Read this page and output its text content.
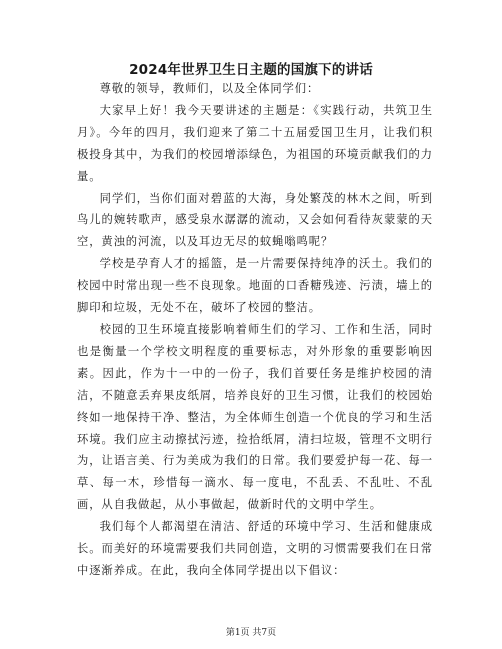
2024年世界卫生日主题的国旗下的讲话

尊敬的领导，教师们，以及全体同学们：

大家早上好！我今天要讲述的主题是：《实践行动，共筑卫生月》。今年的四月，我们迎来了第二十五届爱国卫生月，让我们积极投身其中，为我们的校园增添绿色，为祖国的环境贡献我们的力量。

同学们，当你们面对碧蓝的大海，身处繁茂的林木之间，听到鸟儿的婉转歌声，感受泉水潺潺的流动，又会如何看待灰蒙蒙的天空，黄浊的河流，以及耳边无尽的蚊蝇嗡鸣呢？

学校是孕育人才的摇篮，是一片需要保持纯净的沃土。我们的校园中时常出现一些不良现象。地面的口香糖残迹、污渍，墙上的脚印和垃圾，无处不在，破坏了校园的整洁。

校园的卫生环境直接影响着师生们的学习、工作和生活，同时也是衡量一个学校文明程度的重要标志，对外形象的重要影响因素。因此，作为十一中的一份子，我们首要任务是维护校园的清洁，不随意丢弃果皮纸屑，培养良好的卫生习惯，让我们的校园始终如一地保持干净、整洁，为全体师生创造一个优良的学习和生活环境。我们应主动擦拭污迹，捡拾纸屑，清扫垃圾，管理不文明行为，让语言美、行为美成为我们的日常。我们要爱护每一花、每一草、每一木，珍惜每一滴水、每一度电，不乱丢、不乱吐、不乱画，从自我做起，从小事做起，做新时代的文明中学生。

我们每个人都渴望在清洁、舒适的环境中学习、生活和健康成长。而美好的环境需要我们共同创造，文明的习惯需要我们在日常中逐渐养成。在此，我向全体同学提出以下倡议：

第1页 共7页
